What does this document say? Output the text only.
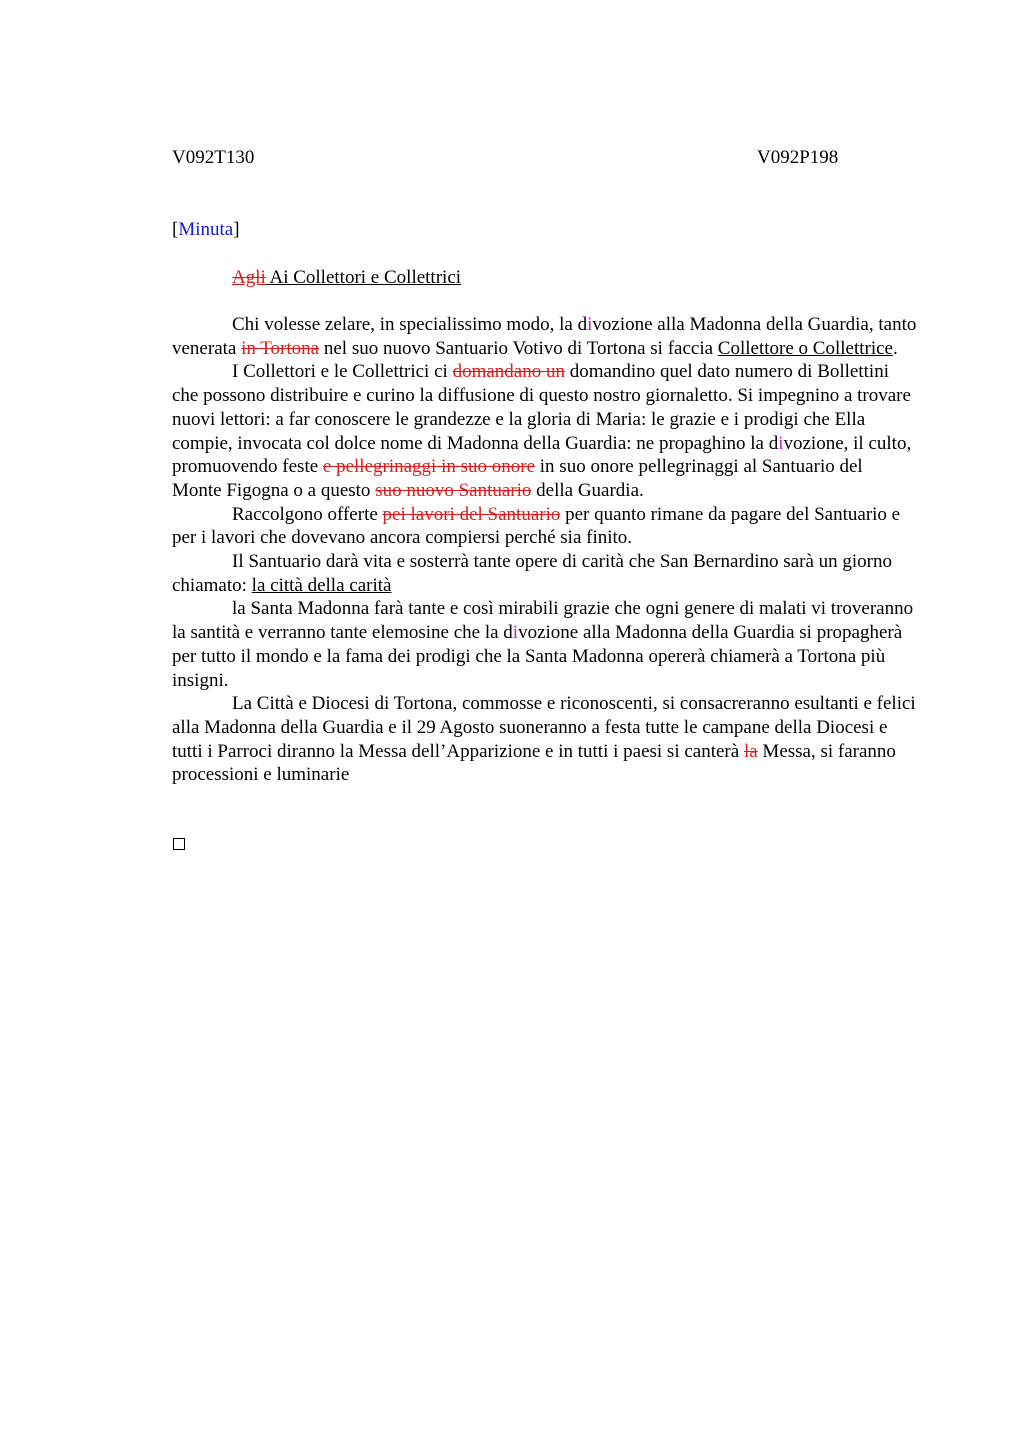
V092T130	V092P198
[Minuta]
Agli Ai Collettori e Collettrici

Chi volesse zelare, in specialissimo modo, la divozione alla Madonna della Guardia, tanto venerata in Tortona nel suo nuovo Santuario Votivo di Tortona si faccia Collettore o Collettrice.

I Collettori e le Collettrici ci domandano un domandino quel dato numero di Bollettini che possono distribuire e curino la diffusione di questo nostro giornaletto. Si impegnino a trovare nuovi lettori: a far conoscere le grandezze e la gloria di Maria: le grazie e i prodigi che Ella compie, invocata col dolce nome di Madonna della Guardia: ne propaghino la divozione, il culto, promuovendo feste e pellegrinaggi in suo onore in suo onore pellegrinaggi al Santuario del Monte Figogna o a questo suo nuovo Santuario della Guardia.

Raccolgono offerte pei lavori del Santuario per quanto rimane da pagare del Santuario e per i lavori che dovevano ancora compiersi perché sia finito.

Il Santuario darà vita e sosterrà tante opere di carità che San Bernardino sarà un giorno chiamato: la città della carità

la Santa Madonna farà tante e così mirabili grazie che ogni genere di malati vi troveranno la santità e verranno tante elemosine che la divozione alla Madonna della Guardia si propagherà per tutto il mondo e la fama dei prodigi che la Santa Madonna opererà chiamerà a Tortona più insigni.

La Città e Diocesi di Tortona, commosse e riconoscenti, si consacreranno esultanti e felici alla Madonna della Guardia e il 29 Agosto suoneranno a festa tutte le campane della Diocesi e tutti i Parroci diranno la Messa dell’Apparizione e in tutti i paesi si canterà la Messa, si faranno processioni e luminarie
